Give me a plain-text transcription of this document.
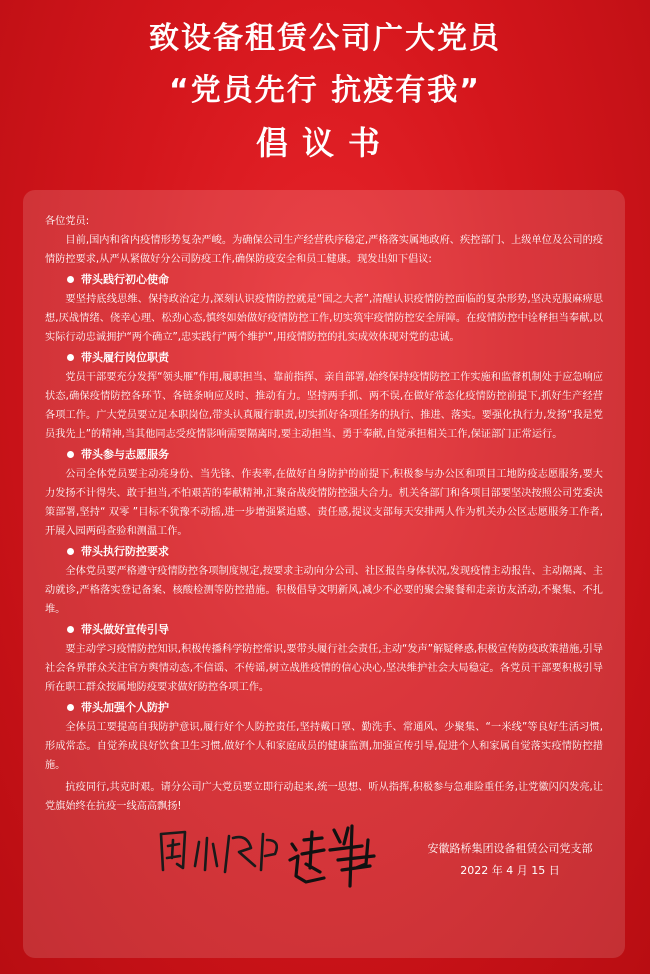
致设备租赁公司广大党员
“党员先行 抗疫有我”
倡议书

各位党员:

目前,国内和省内疫情形势复杂严峻。为确保公司生产经营秩序稳定,严格落实属地政府、疾控部门、上级单位及公司的疫情防控要求,从严从紧做好分公司防疫工作,确保防疫安全和员工健康。现发出如下倡议:

带头践行初心使命

要坚持底线思维、保持政治定力,深刻认识疫情防控就是“国之大者”,清醒认识疫情防控面临的复杂形势,坚决克服麻痹思想,厌战情绪、侥幸心理、松劲心态,慎终如始做好疫情防控工作,切实筑牢疫情防控安全屏障。在疫情防控中诠释担当奉献,以实际行动忠诚拥护“两个确立”,忠实践行“两个维护”,用疫情防控的扎实成效体现对党的忠诚。

带头履行岗位职责

党员干部要充分发挥“领头雁”作用,履职担当、靠前指挥、亲自部署,始终保持疫情防控工作实施和监督机制处于应急响应状态,确保疫情防控各环节、各链条响应及时、推动有力。坚持两手抓、两不误,在做好常态化疫情防控前提下,抓好生产经营各项工作。广大党员要立足本职岗位,带头认真履行职责,切实抓好各项任务的执行、推进、落实。要强化执行力,发扬“我是党员我先上”的精神,当其他同志受疫情影响需要隔离时,要主动担当、勇于奉献,自觉承担相关工作,保证部门正常运行。

带头参与志愿服务

公司全体党员要主动亮身份、当先锋、作表率,在做好自身防护的前提下,积极参与办公区和项目工地防疫志愿服务,要大力发扬不计得失、敢于担当,不怕艰苦的奉献精神,汇聚奋战疫情防控强大合力。机关各部门和各项目部要坚决按照公司党委决策部署,坚持“ 双零 ”目标不犹豫不动摇,进一步增强紧迫感、责任感,提议支部每天安排两人作为机关办公区志愿服务工作者,开展入园两码查验和测温工作。

带头执行防控要求

全体党员要严格遵守疫情防控各项制度规定,按要求主动向分公司、社区报告身体状况,发现疫情主动报告、主动隔离、主动就诊,严格落实登记备案、核酸检测等防控措施。积极倡导文明新风,减少不必要的聚会聚餐和走亲访友活动,不聚集、不扎堆。

带头做好宣传引导

要主动学习疫情防控知识,积极传播科学防控常识,要带头履行社会责任,主动“发声”解疑释惑,积极宣传防疫政策措施,引导社会各界群众关注官方舆情动态,不信谣、不传谣,树立战胜疫情的信心决心,坚决维护社会大局稳定。各党员干部要积极引导所在职工群众按属地防疫要求做好防控各项工作。

带头加强个人防护

全体员工要提高自我防护意识,履行好个人防控责任,坚持戴口罩、勤洗手、常通风、少聚集、“一米线”等良好生活习惯,形成常态。自觉养成良好饮食卫生习惯,做好个人和家庭成员的健康监测,加强宣传引导,促进个人和家属自觉落实疫情防控措施。

抗疫同行,共克时艰。请分公司广大党员要立即行动起来,统一思想、听从指挥,积极参与急难险重任务,让党徽闪闪发亮,让党旗始终在抗疫一线高高飘扬!

安徽路桥集团设备租赁公司党支部
2022 年 4 月 15 日
